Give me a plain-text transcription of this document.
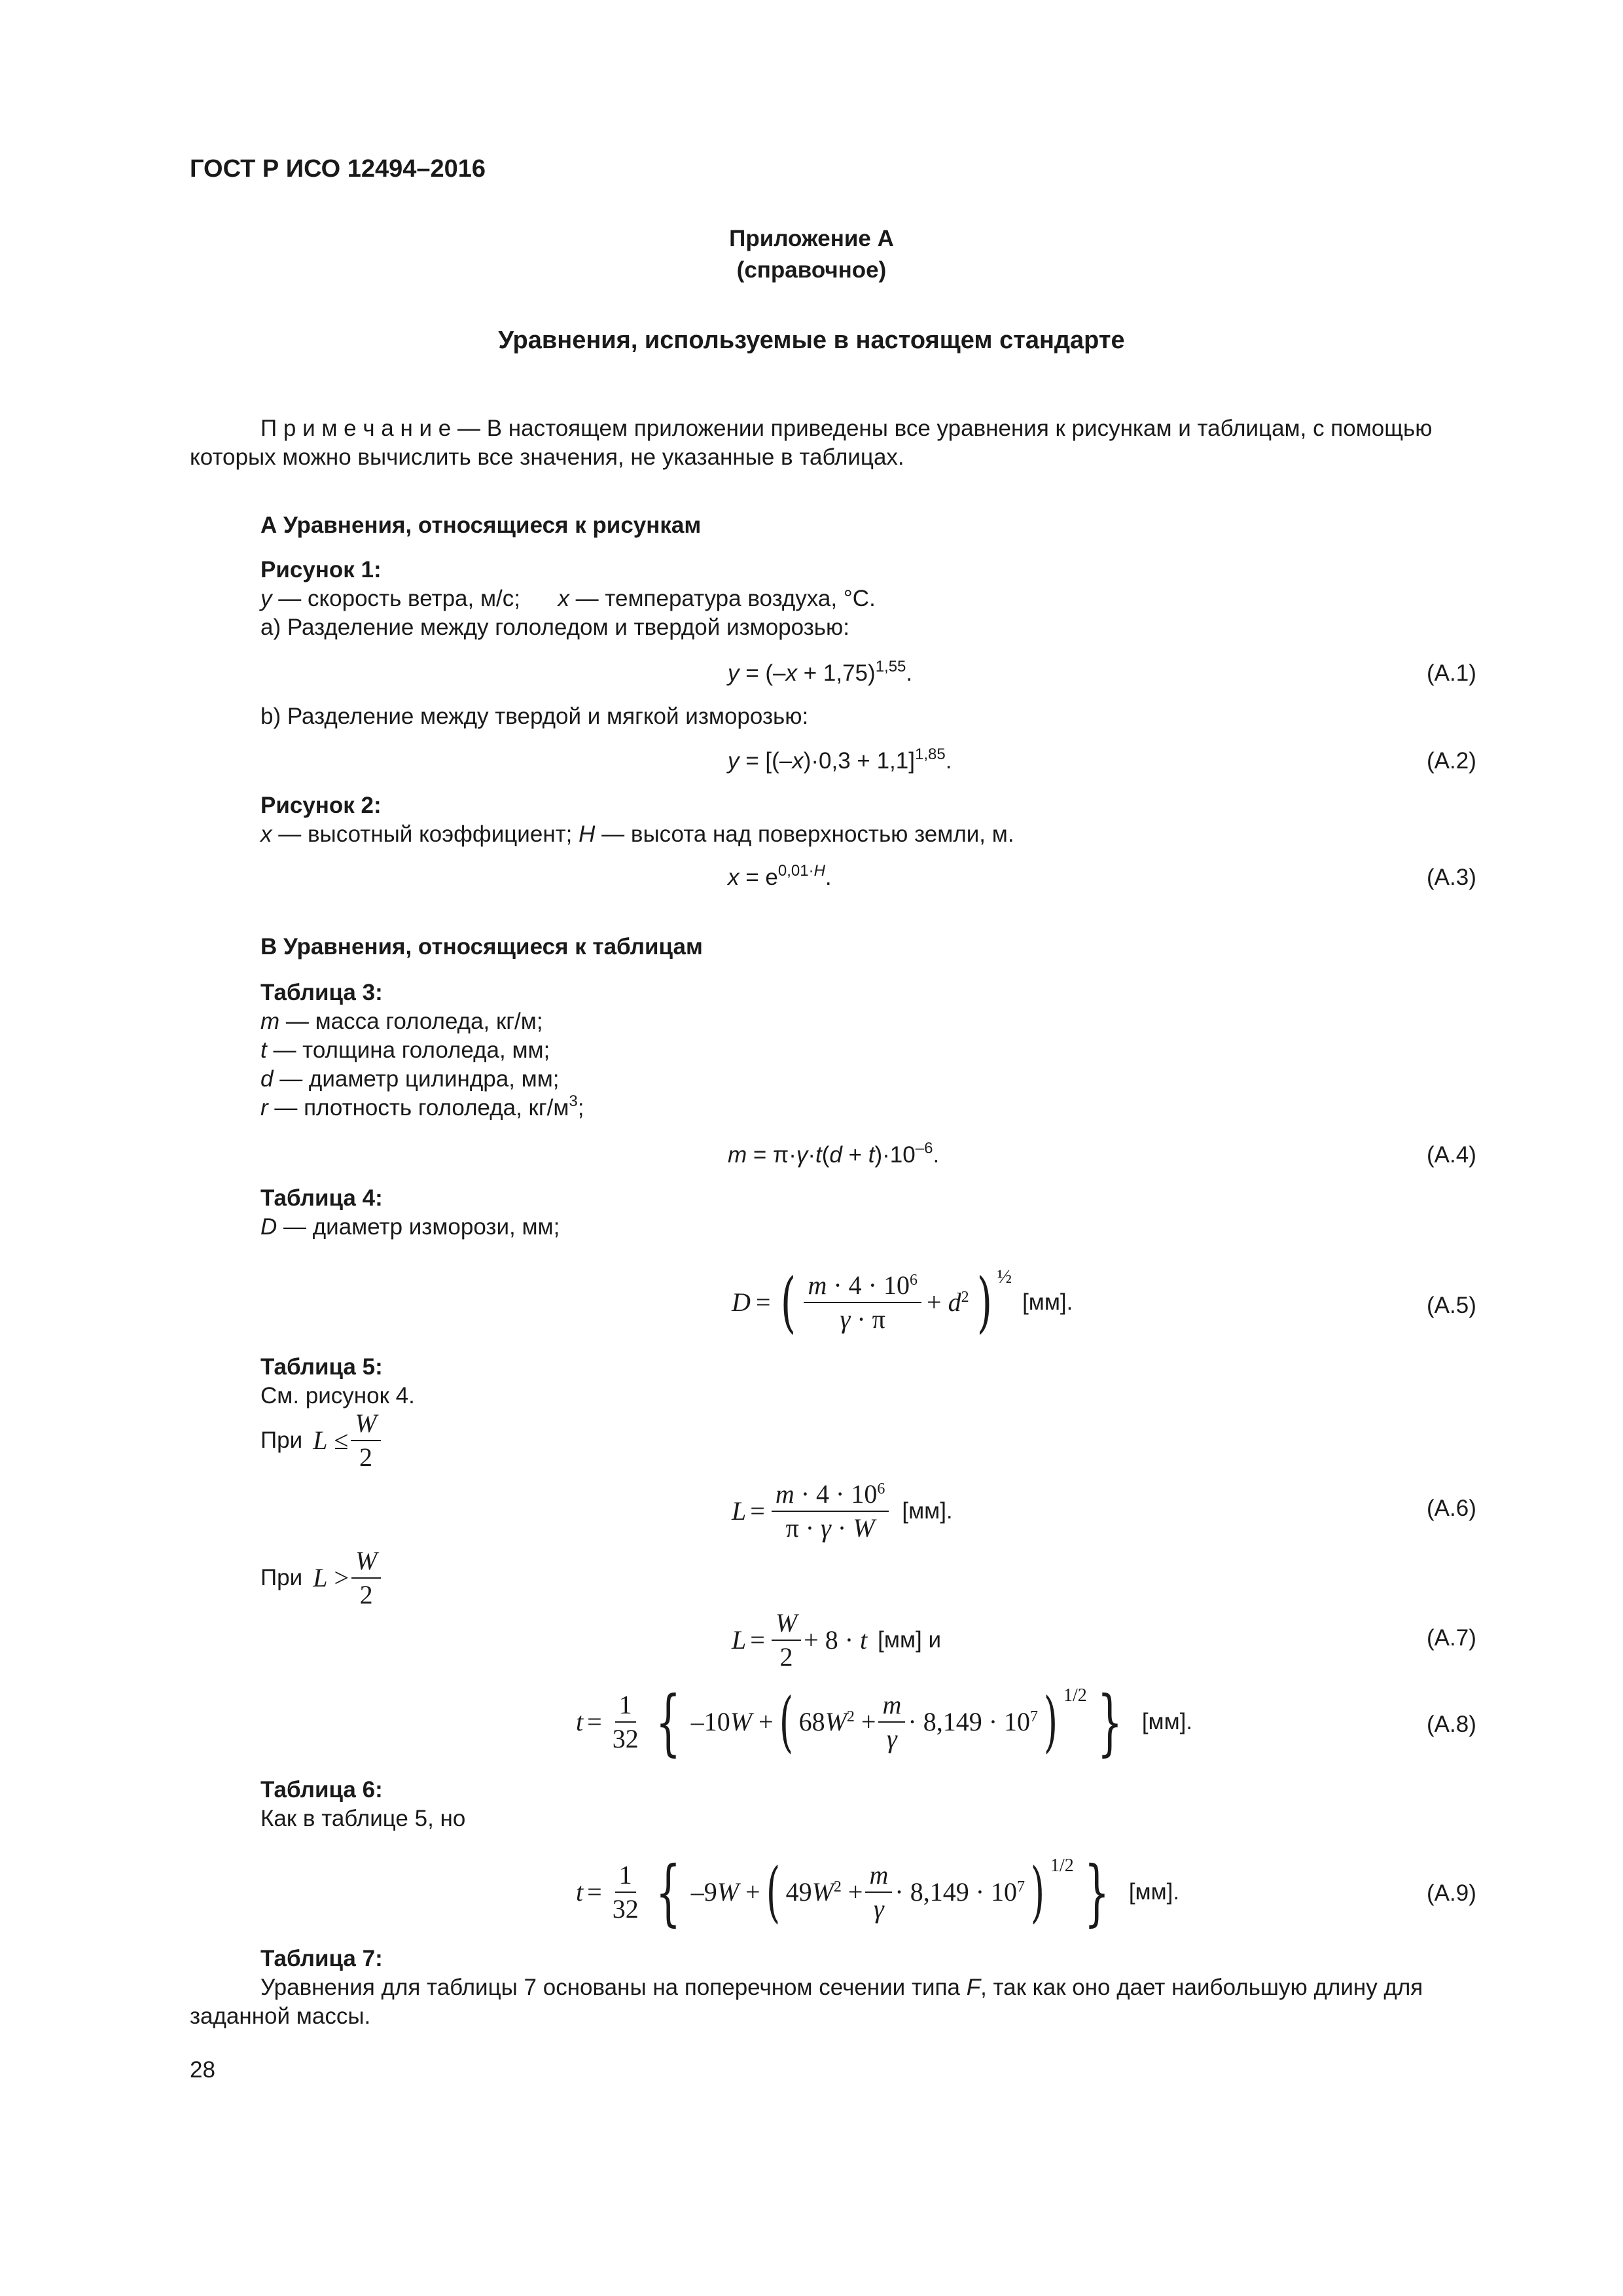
ГОСТ Р ИСО 12494–2016
Приложение А
(справочное)
Уравнения, используемые в настоящем стандарте
П р и м е ч а н и е — В настоящем приложении приведены все уравнения к рисункам и таблицам, с помощью
которых можно вычислить все значения, не указанные в таблицах.
А Уравнения, относящиеся к рисункам
Рисунок 1:
y — скорость ветра, м/с; x — температура воздуха, °С.
a) Разделение между гололедом и твердой изморозью:
$y = (-x + 1,75)^{1,55}$.	(А.1)
b) Разделение между твердой и мягкой изморозью:
$y = [(-x)\cdot 0,3 + 1,1]^{1,85}$.	(А.2)
Рисунок 2:
x — высотный коэффициент; H — высота над поверхностью земли, м.
$x = e^{0,01\cdot H}$.	(А.3)
В Уравнения, относящиеся к таблицам
Таблица 3:
m — масса гололеда, кг/м;
t — толщина гололеда, мм;
d — диаметр цилиндра, мм;
r — плотность гололеда, $кг/м^3$;
$m = \pi\cdot\gamma\cdot t(d + t)\cdot 10^{-6}$.	(А.4)
Таблица 4:
D — диаметр изморози, мм;
D = ( $\frac{m \cdot 4 \cdot 10^6}{\gamma \cdot \pi} + d^2$ ) ½
[мм].	(А.5)
Таблица 5:
См. рисунок 4.
При $L \le \frac{W}{2}$
$L = \frac{m \cdot 4 \cdot 10^6}{\pi \cdot \gamma \cdot W} [мм]$.	(А.6)
При $L > \frac{W}{2}$
$L = \frac{W}{2} + 8 \cdot t$ [мм] и	(А.7)
$t = \frac{1}{32}$ { –10W + ( $68W^2 + \frac{m}{\gamma} \cdot 8,149 \cdot 10^7$ ) 1/2 } [мм].	(А.8)
Таблица 6:
Как в таблице 5, но
$t = \frac{1}{32}$ { –9W + ( $49W^2 + \frac{m}{\gamma} \cdot 8,149 \cdot 10^7$ ) 1/2 } [мм].	(А.9)
Таблица 7:
Уравнения для таблицы 7 основаны на поперечном сечении типа F, так как оно дает наибольшую длину для
заданной массы.
28
